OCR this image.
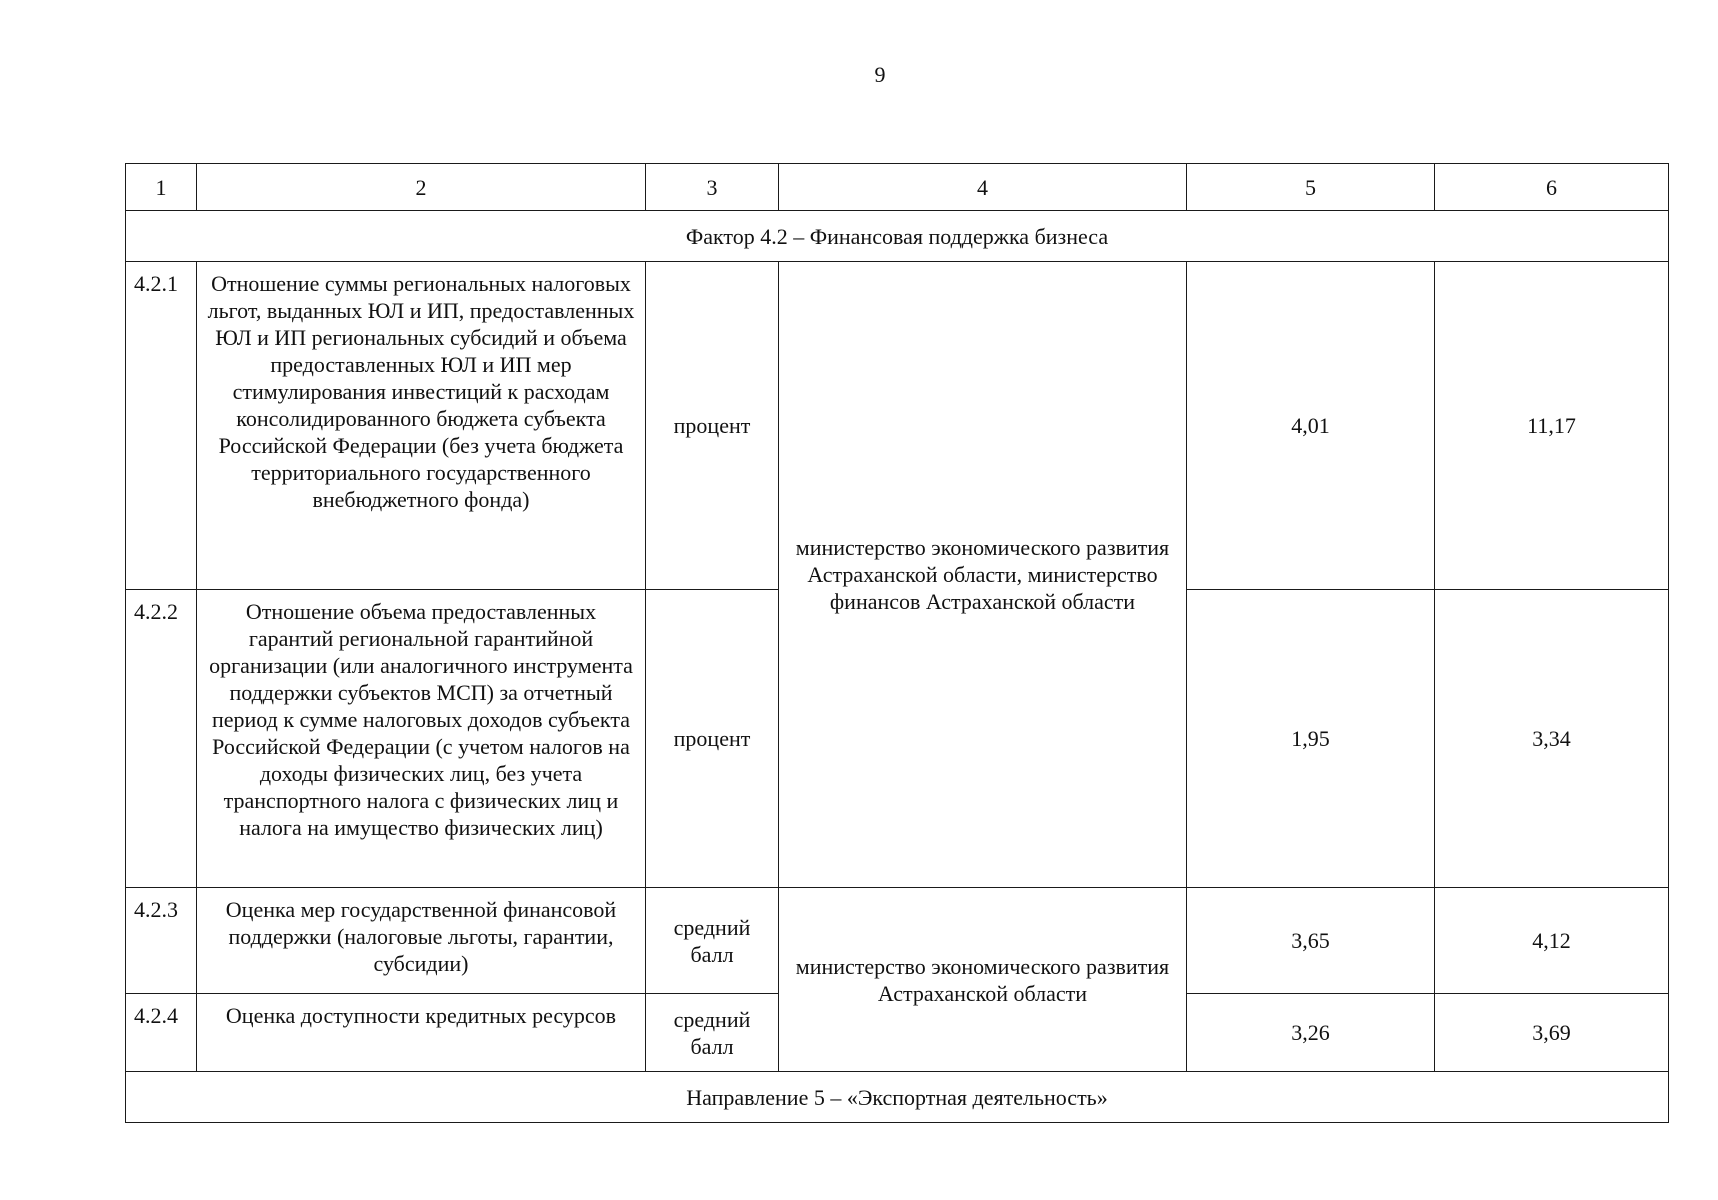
9
1	2	3	4	5	6
Фактор 4.2 – Финансовая поддержка бизнеса					
4.2.1	Отношение суммы региональных налоговых льгот, выданных ЮЛ и ИП, предоставленных ЮЛ и ИП региональных субсидий и объема предоставленных ЮЛ и ИП мер стимулирования инвестиций к расходам консолидированного бюджета субъекта Российской Федерации (без учета бюджета территориального государственного внебюджетного фонда)	процент	министерство экономического развития Астраханской области, министерство финансов Астраханской области	4,01	11,17
4.2.2	Отношение объема предоставленных гарантий региональной гарантийной организации (или аналогичного инструмента поддержки субъектов МСП) за отчетный период к сумме налоговых доходов субъекта Российской Федерации (с учетом налогов на доходы физических лиц, без учета транспортного налога с физических лиц и налога на имущество физических лиц)	процент		1,95	3,34
4.2.3	Оценка мер государственной финансовой поддержки (налоговые льготы, гарантии, субсидии)	средний балл	министерство экономического развития Астраханской области	3,65	4,12
4.2.4	Оценка доступности кредитных ресурсов	средний балл		3,26	3,69
Направление 5 – «Экспортная деятельность»					
